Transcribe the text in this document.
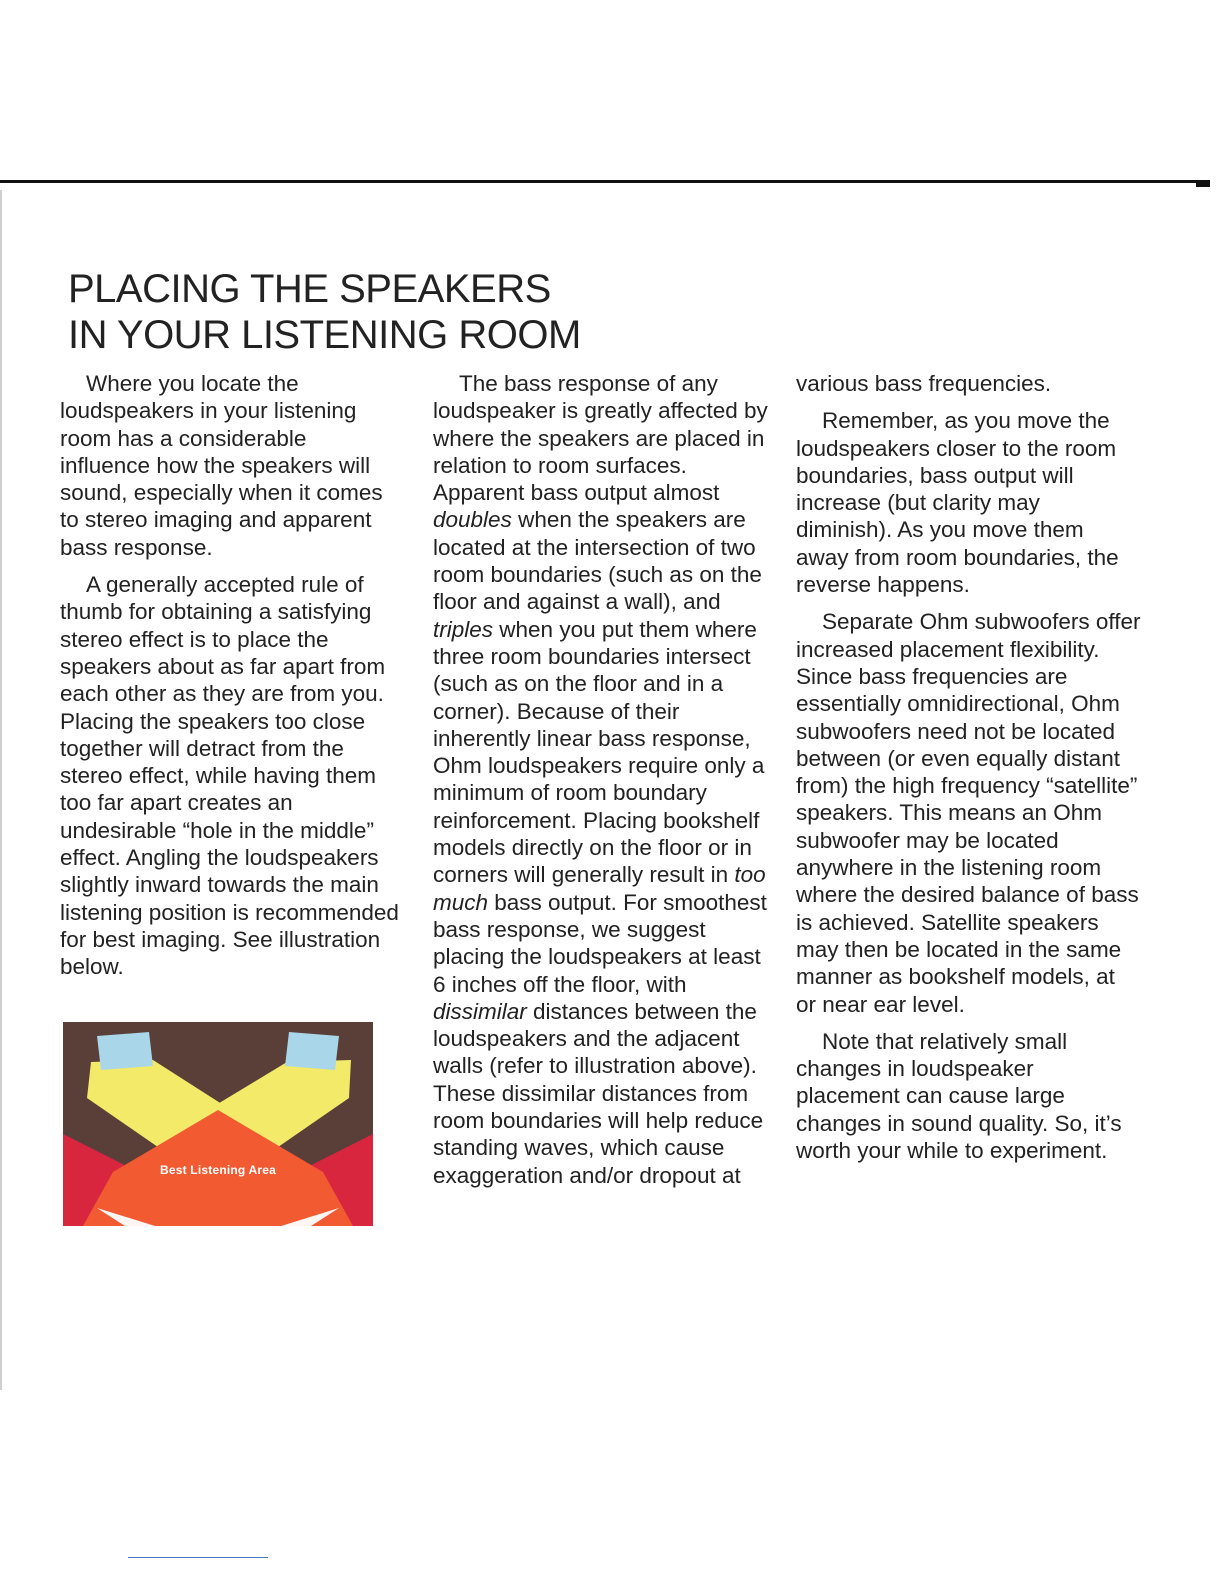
PLACING THE SPEAKERS
IN YOUR LISTENING ROOM

Where you locate the loudspeakers in your listening room has a considerable influence how the speakers will sound, especially when it comes to stereo imaging and apparent bass response.

A generally accepted rule of thumb for obtaining a satisfying stereo effect is to place the speakers about as far apart from each other as they are from you. Placing the speakers too close together will detract from the stereo effect, while having them too far apart creates an undesirable “hole in the middle” effect. Angling the loudspeakers slightly inward towards the main listening position is recommended for best imaging. See illustration below.

Best Listening Area

The bass response of any loudspeaker is greatly affected by where the speakers are placed in relation to room surfaces. Apparent bass output almost doubles when the speakers are located at the intersection of two room boundaries (such as on the floor and against a wall), and triples when you put them where three room boundaries intersect (such as on the floor and in a corner). Because of their inherently linear bass response, Ohm loudspeakers require only a minimum of room boundary reinforcement. Placing bookshelf models directly on the floor or in corners will generally result in too much bass output. For smoothest bass response, we suggest placing the loudspeakers at least 6 inches off the floor, with dissimilar distances between the loudspeakers and the adjacent walls (refer to illustration above). These dissimilar distances from room boundaries will help reduce standing waves, which cause exaggeration and/or dropout at

various bass frequencies.

Remember, as you move the loudspeakers closer to the room boundaries, bass output will increase (but clarity may diminish). As you move them away from room boundaries, the reverse happens.

Separate Ohm subwoofers offer increased placement flexibility. Since bass frequencies are essentially omnidirectional, Ohm subwoofers need not be located between (or even equally distant from) the high frequency “satellite” speakers. This means an Ohm subwoofer may be located anywhere in the listening room where the desired balance of bass is achieved. Satellite speakers may then be located in the same manner as bookshelf models, at or near ear level.

Note that relatively small changes in loudspeaker placement can cause large changes in sound quality. So, it’s worth your while to experiment.
